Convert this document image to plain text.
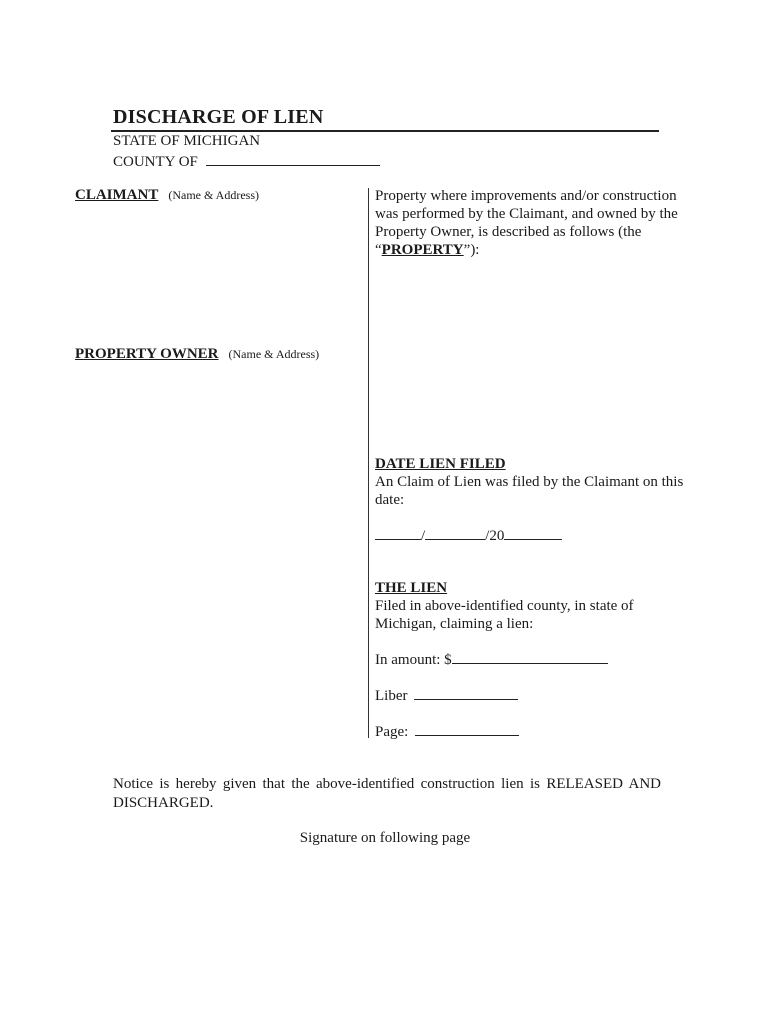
DISCHARGE OF LIEN
STATE OF MICHIGAN
COUNTY OF
CLAIMANT (Name & Address)
PROPERTY OWNER (Name & Address)
Property where improvements and/or construction
was performed by the Claimant, and owned by the
Property Owner, is described as follows (the
“PROPERTY”):
DATE LIEN FILED
An Claim of Lien was filed by the Claimant on this
date:
/	/20
THE LIEN
Filed in above-identified county, in state of
Michigan, claiming a lien:
In amount: $
Liber
Page:
Notice is hereby given that the above-identified construction lien is RELEASED AND DISCHARGED.
Signature on following page
